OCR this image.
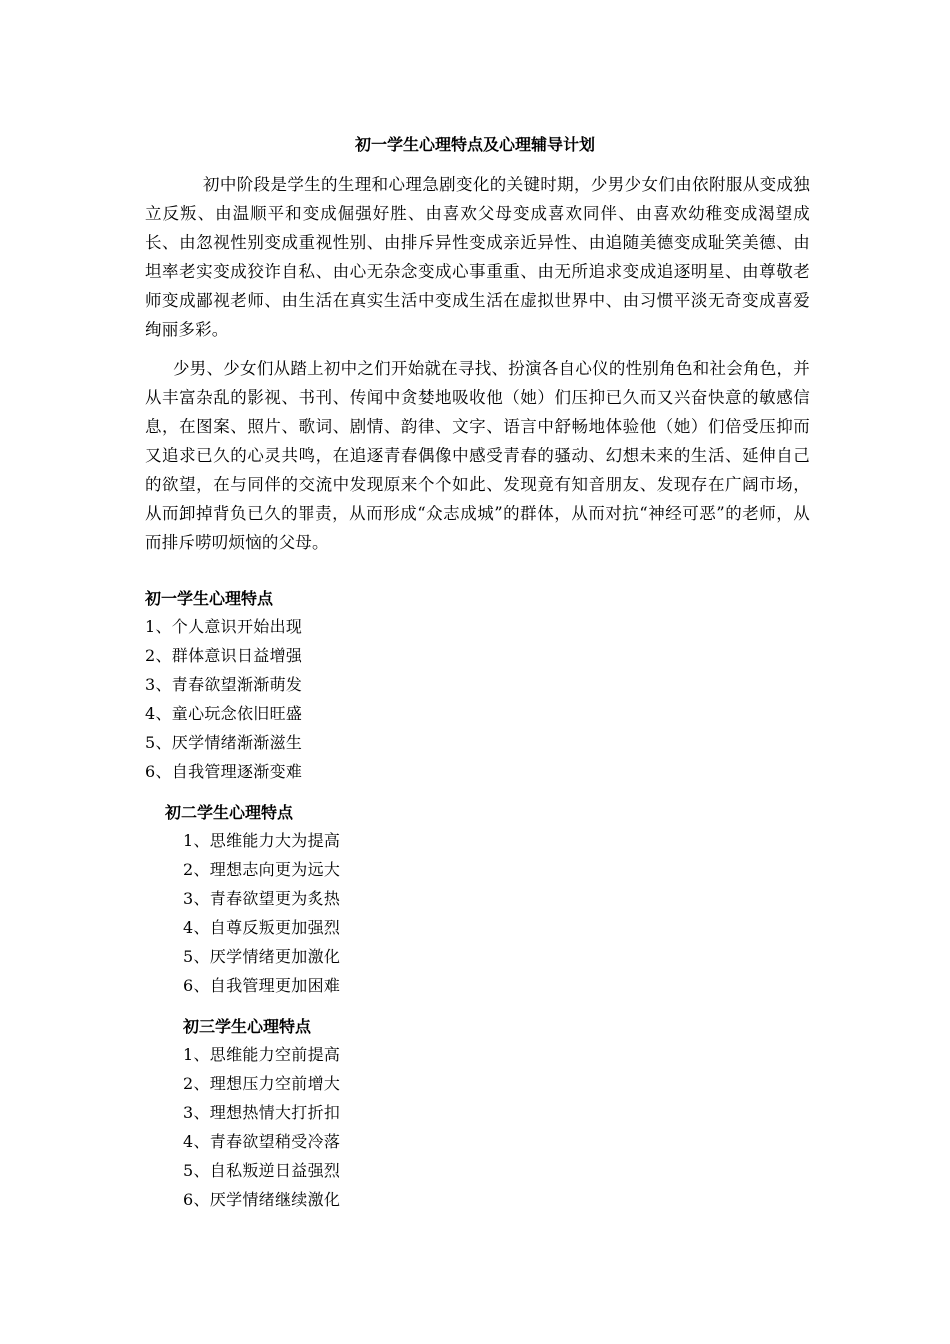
初一学生心理特点及心理辅导计划

初中阶段是学生的生理和心理急剧变化的关键时期，少男少女们由依附服从变成独立反叛、由温顺平和变成倔强好胜、由喜欢父母变成喜欢同伴、由喜欢幼稚变成渴望成长、由忽视性别变成重视性别、由排斥异性变成亲近异性、由追随美德变成耻笑美德、由坦率老实变成狡诈自私、由心无杂念变成心事重重、由无所追求变成追逐明星、由尊敬老师变成鄙视老师、由生活在真实生活中变成生活在虚拟世界中、由习惯平淡无奇变成喜爱绚丽多彩。

少男、少女们从踏上初中之们开始就在寻找、扮演各自心仪的性别角色和社会角色，并从丰富杂乱的影视、书刊、传闻中贪婪地吸收他（她）们压抑已久而又兴奋快意的敏感信息，在图案、照片、歌词、剧情、韵律、文字、语言中舒畅地体验他（她）们倍受压抑而又追求已久的心灵共鸣，在追逐青春偶像中感受青春的骚动、幻想未来的生活、延伸自己的欲望，在与同伴的交流中发现原来个个如此、发现竟有知音朋友、发现存在广阔市场，从而卸掉背负已久的罪责，从而形成“众志成城”的群体，从而对抗“神经可恶”的老师，从而排斥唠叨烦恼的父母。

初一学生心理特点
1、个人意识开始出现
2、群体意识日益增强
3、青春欲望渐渐萌发
4、童心玩念依旧旺盛
5、厌学情绪渐渐滋生
6、自我管理逐渐变难
初二学生心理特点
1、思维能力大为提高
2、理想志向更为远大
3、青春欲望更为炙热
4、自尊反叛更加强烈
5、厌学情绪更加激化
6、自我管理更加困难
初三学生心理特点
1、思维能力空前提高
2、理想压力空前增大
3、理想热情大打折扣
4、青春欲望稍受冷落
5、自私叛逆日益强烈
6、厌学情绪继续激化
